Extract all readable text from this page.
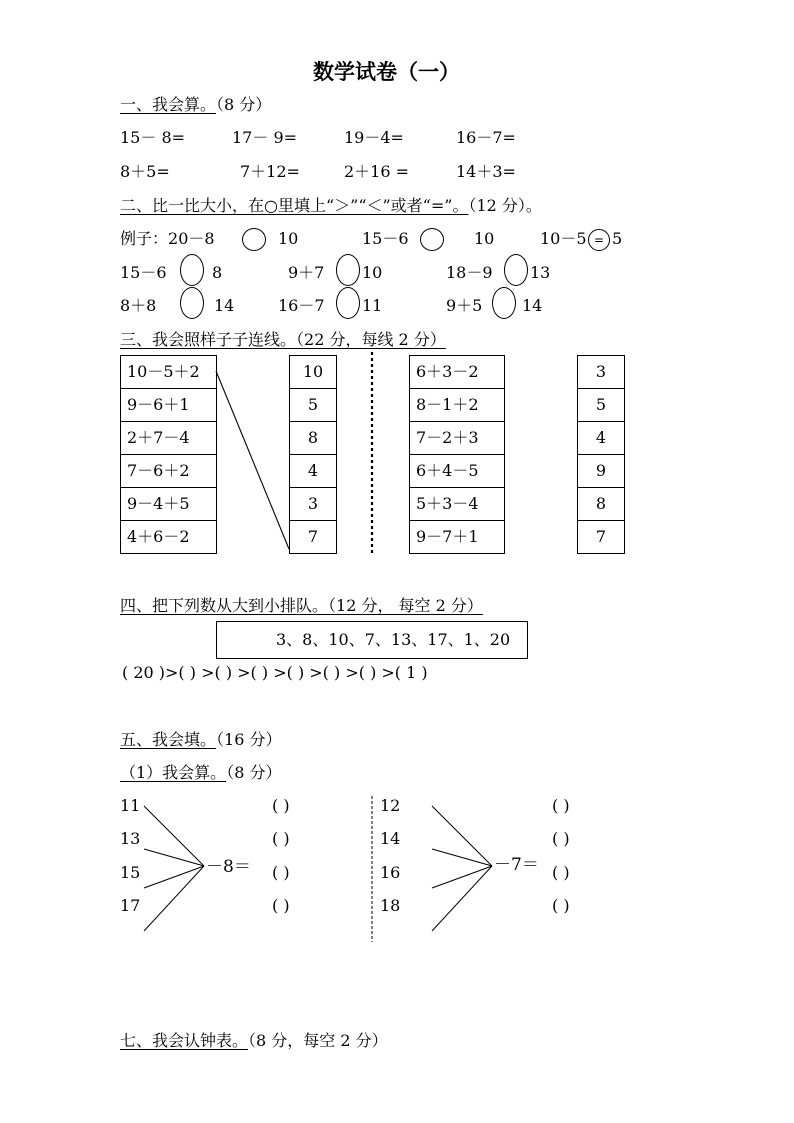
数学试卷（一）
一、我会算。（8 分）
15－ 8=	17－ 9=	19－4=	16－7=
8＋5=	7＋12=	2＋16 =	14＋3=
二、比一比大小，在○里填上“＞”“＜”或者“=”。（12 分）。
例子：20－8	10	15－6	10	10－5 = 5
15－6	8	9＋7 10	18－9 13
8＋8	14	16－7 11	9＋5 14
三、我会照样子子连线。（22 分，每线 2 分）
10－5＋2
9－6＋1
2＋7－4
7－6＋2
9－4＋5
4＋6－2
10
5
8
4
3
7
6＋3－2
8－1＋2
7－2＋3
6＋4－5
5＋3－4
9－7＋1
3
5
4
9
8
7
四、把下列数从大到小排队。（12 分， 每空 2 分）
3、8、10、7、13、17、1、20
( 20 )>( ) >( ) >( ) >( ) >( ) >( ) >( 1 )
五、我会填。（16 分）
（1）我会算。（8 分）
11
13
15
17
－8＝
( )
( )
( )
( )
12
14
16
18
－7＝
( )
( )
( )
( )
七、我会认钟表。（8 分，每空 2 分）
